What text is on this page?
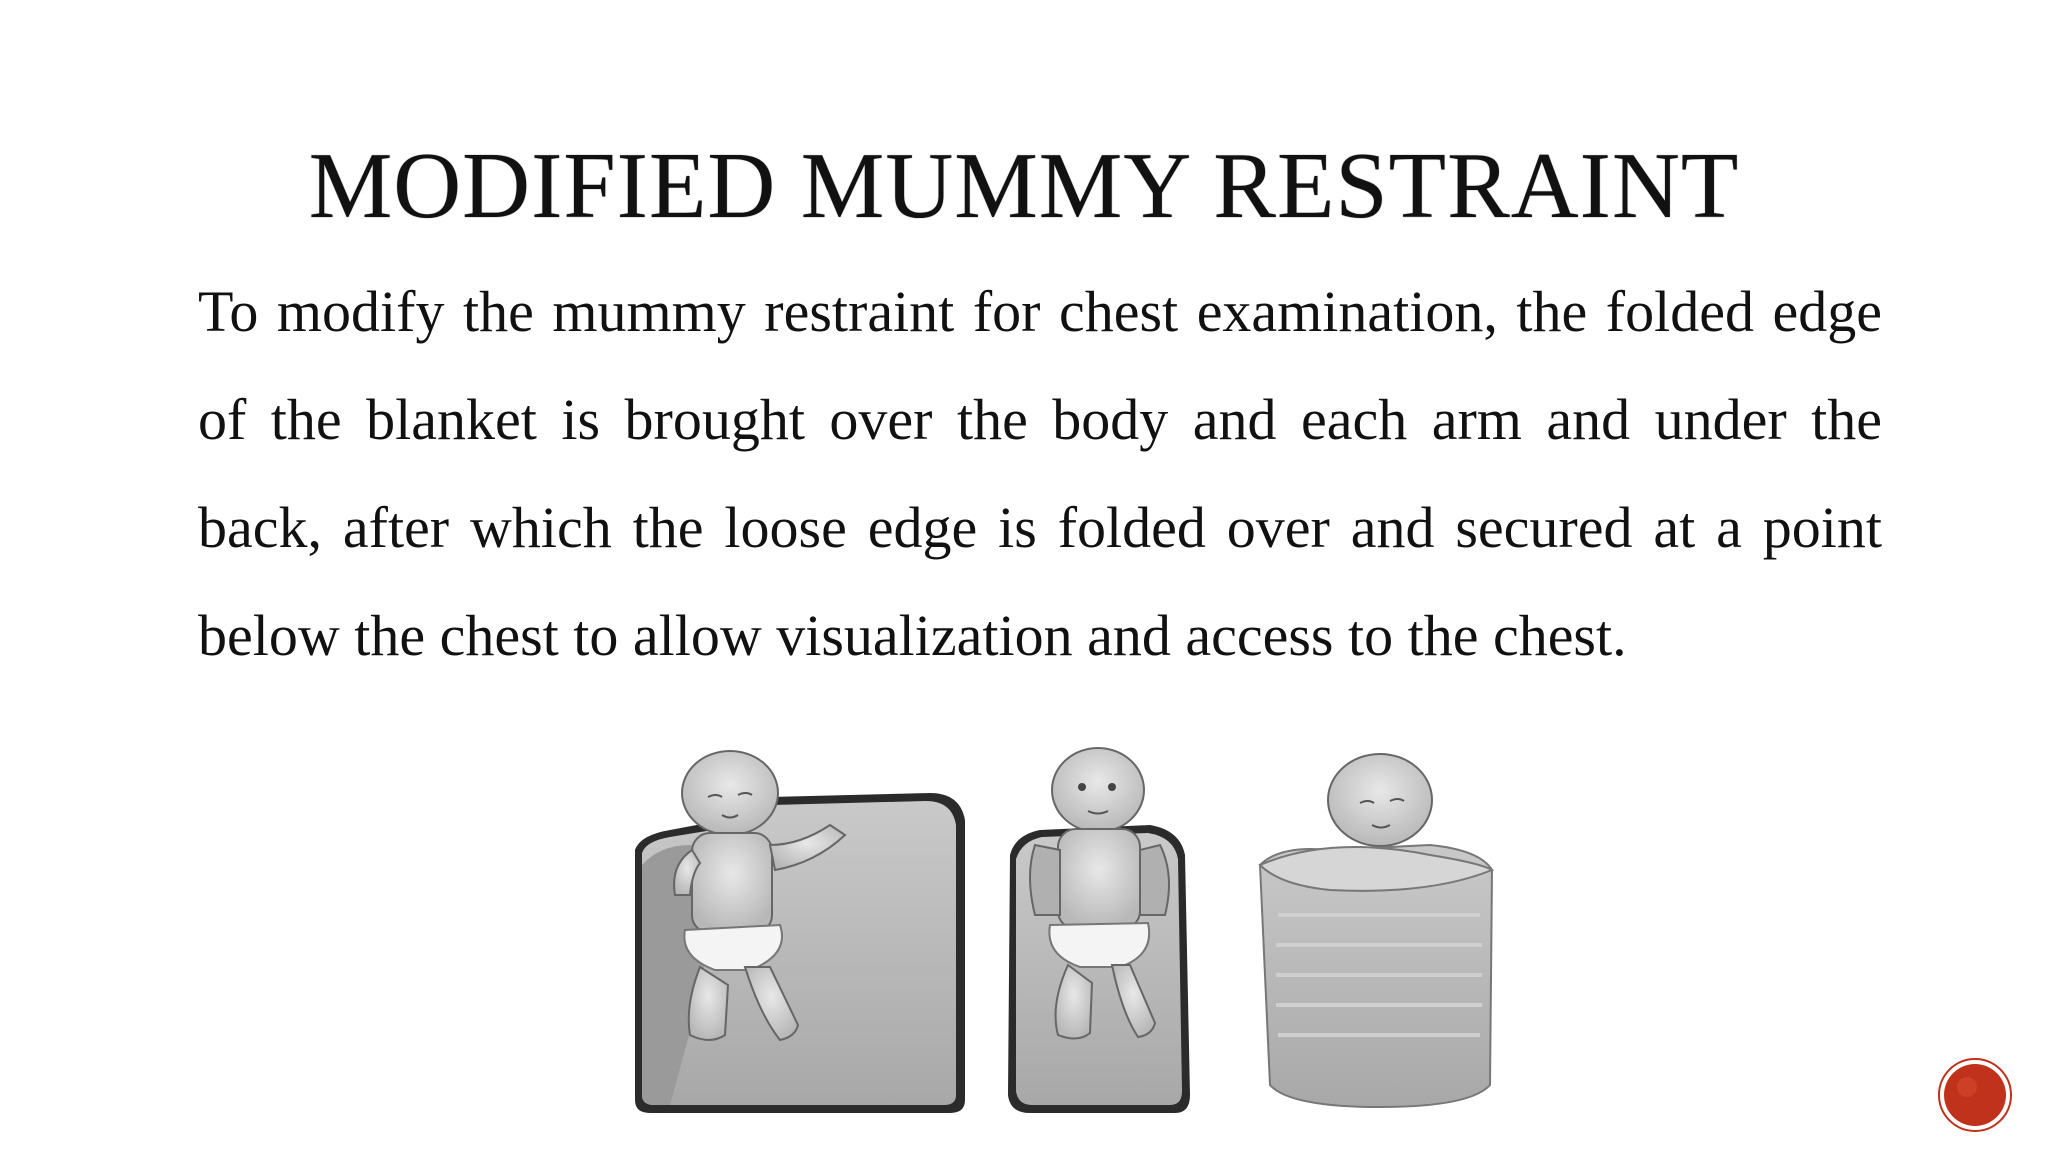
MODIFIED MUMMY RESTRAINT

To modify the mummy restraint for chest examination, the folded edge of the blanket is brought over the body and each arm and under the back, after which the loose edge is folded over and secured at a point below the chest to allow visualization and access to the chest.
